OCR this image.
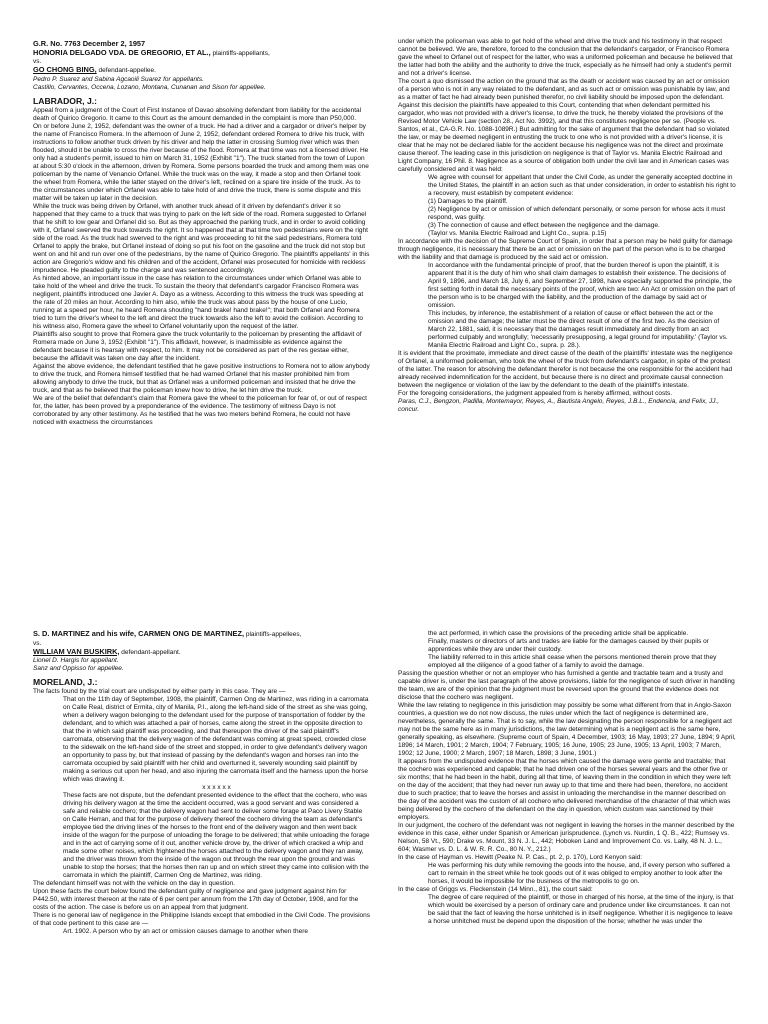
G.R. No. 7763 December 2, 1957
HONORIA DELGADO VDA. DE GREGORIO, ET AL., plaintiffs-appellants,
vs.
GO CHONG BING, defendant-appellee.
Pedro P. Suarez and Sabina Agcaoili Suarez for appellants.
Castillo, Cervantes, Occena, Lozano, Montana, Cunanan and Sison for appellee.
LABRADOR, J.:

Appeal from a judgment of the Court of First Instance of Davao absolving defendant from liability for the accidental death of Quirico Gregorio. It came to this Court as the amount demanded in the complaint is more than P50,000.

On or before June 2, 1952, defendant was the owner of a truck. He had a driver and a cargador or driver's helper by the name of Francisco Romera. In the afternoon of June 2, 1952, defendant ordered Romera to drive his truck, with instructions to follow another truck driven by his driver and help the latter in crossing Sumlog river which was then flooded, should it be unable to cross the river because of the flood. Romera at that time was not a licensed driver. He only had a student's permit, issued to him on March 31, 1952 (Exhibit "1"). The truck started from the town of Lupon at about 5:30 o'clock in the afternoon, driven by Romera. Some persons boarded the truck and among them was one policeman by the name of Venancio Orfanel. While the truck was on the way, it made a stop and then Orfanel took the wheel from Romera, while the latter stayed on the driver's left, reclined on a spare tire inside of the truck. As to the circumstances under which Orfanel was able to take hold of and drive the truck, there is some dispute and this matter will be taken up later in the decision.

While the truck was being driven by Orfanel, with another truck ahead of it driven by defendant's driver it so happened that they came to a truck that was trying to park on the left side of the road. Romera suggested to Orfanel that he shift to low gear and Orfanel did so. But as they approached the parking truck, and in order to avoid colliding with it, Orfanel swerved the truck towards the right. It so happened that at that time two pedestrians were on the right side of the road. As the truck had swerved to the right and was proceeding to hit the said pedestrians, Romera told Orfanel to apply the brake, but Orfanel instead of doing so put his foot on the gasoline and the truck did not stop but went on and hit and run over one of the pedestrians, by the name of Quirico Gregorio. The plaintiffs appellants' in this action are Gregorio's widow and his children and of the accident, Orfanel was prosecuted for homicide with reckless imprudence. He pleaded guilty to the charge and was sentenced accordingly.

As hinted above, an important issue in the case has relation to the circumstances under which Orfanel was able to take hold of the wheel and drive the truck. To sustain the theory that defendant's cargador Francisco Romera was negligent, plaintiffs introduced one Javier A. Dayo as a witness. According to this witness the truck was speeding at the rate of 20 miles an hour. According to him also, while the truck was about pass by the house of one Lucio, running at a speed per hour, he heard Romera shouting "hand brake! hand brake!"; that both Orfanel and Romera tried to turn the driver's wheel to the left and direct the truck towards also the left to avoid the collision. According to his witness also, Romera gave the wheel to Orfanel voluntarily upon the request of the latter.

Plaintiffs also sought to prove that Romera gave the truck voluntarily to the policeman by presenting the affidavit of Romera made on June 3, 1952 (Exhibit "1"). This affidavit, however, is inadmissible as evidence against the defendant because it is hearsay with respect, to him. It may not be considered as part of the res gestae either, because the affidavit was taken one day after the incident.

Against the above evidence, the defendant testified that he gave positive instructions to Romera not to allow anybody to drive the truck, and Romera himself testified that he had warned Orfanel that his master prohibited him from allowing anybody to drive the truck, but that as Orfanel was a uniformed policeman and insisted that he drive the truck, and that as he believed that the policeman knew how to drive, he let him drive the truck.

We are of the belief that defendant's claim that Romera gave the wheel to the policeman for fear of, or out of respect for, the latter, has been proved by a preponderance of the evidence. The testimony of witness Dayo is not corroborated by any other testimony. As he testified that he was two meters behind Romera, he could not have noticed with exactness the circumstances

under which the policeman was able to get hold of the wheel and drive the truck and his testimony in that respect cannot be believed. We are, therefore, forced to the conclusion that the defendant's cargador, or Francisco Romera gave the wheel to Orfanel out of respect for the latter, who was a uniformed policeman and because he believed that the latter had both the ability and the authority to drive the truck, especially as he himself had only a student's permit and not a driver's license.

The court a quo dismissed the action on the ground that as the death or accident was caused by an act or omission of a person who is not in any way related to the defendant, and as such act or omission was punishable by law, and as a matter of fact he had already been punished therefor, no civil liability should be imposed upon the defendant. Against this decision the plaintiffs have appealed to this Court, contending that when defendant permitted his cargador, who was not provided with a driver's license, to drive the truck, he thereby violated the provisions of the Revised Motor Vehicle Law (section 28., Act No. 3992), and that this constitutes negligence per se. (People vs. Santos, et al., CA-G.R. No. 1088-1089R.) But admitting for the sake of argument that the defendant had so violated the law, or may be deemed negligent in entrusting the truck to one who is not provided with a driver's license, it is clear that he may not be declared liable for the accident because his negligence was not the direct and proximate cause thereof. The leading case in this jurisdiction on negligence is that of Taylor vs. Manila Electric Railroad and Light Company, 16 Phil. 8. Negligence as a source of obligation both under the civil law and in American cases was carefully considered and it was held:

We agree with counsel for appellant that under the Civil Code, as under the generally accepted doctrine in the United States, the plaintiff in an action such as that under consideration, in order to establish his right to a recovery, must establish by competent evidence:

(1) Damages to the plaintiff.

(2) Negligence by act or omission of which defendant personally, or some person for whose acts it must respond, was guilty.

(3) The connection of cause and effect between the negligence and the damage.

(Taylor vs. Manila Electric Railroad and Light Co., supra. p.15)

In accordance with the decision of the Supreme Court of Spain, in order that a person may be held guilty for damage through negligence, it is necessary that there be an act or omission on the part of the person who is to be charged with the liability and that damage is produced by the said act or omission.

In accordance with the fundamental principle of proof, that the burden thereof is upon the plaintiff, it is apparent that it is the duty of him who shall claim damages to establish their existence. The decisions of April 9, 1896, and March 18, July 6, and September 27, 1898, have especially supported the principle, the first setting forth in detail the necessary points of the proof, which are two: An Act or omission on the part of the person who is to be charged with the liability, and the production of the damage by said act or omission.

This includes, by inference, the establishment of a relation of cause or effect between the act or the omission and the damage; the latter must be the direct result of one of the first two. As the decision of March 22, 1881, said, it is necessary that the damages result immediately and directly from an act performed culpably and wrongfully; 'necessarily presupposing, a legal ground for imputability.' (Taylor vs. Manila Electric Railroad and Light Co., supra. p. 28.).

It is evident that the proximate, immediate and direct cause of the death of the plaintiffs' intestate was the negligence of Orfanel, a uniformed policeman, who took the wheel of the truck from defendant's cargador, in spite of the protest of the latter. The reason for absolving the defendant therefor is not because the one responsible for the accident had already received indemnification for the accident, but because there is no direct and proximate causal connection between the negligence or violation of the law by the defendant to the death of the plaintiff's intestate.

For the foregoing considerations, the judgment appealed from is hereby affirmed, without costs.

Paras, C.J., Bengzon, Padilla, Montemayor, Reyes, A., Bautista Angelo, Reyes, J.B.L., Endencia, and Felix, JJ., concur.

S. D. MARTINEZ and his wife, CARMEN ONG DE MARTINEZ, plaintiffs-appellees,
vs.
WILLIAM VAN BUSKIRK, defendant-appellant.
Lionel D. Hargis for appellant.
Sanz and Oppisso for appellee.
MORELAND, J.:

The facts found by the trial court are undisputed by either party in this case. They are —

That on the 11th day of September, 1908, the plaintiff, Carmen Ong de Martinez, was riding in a carromata on Calle Real, district of Ermita, city of Manila, P.I., along the left-hand side of the street as she was going, when a delivery wagon belonging to the defendant used for the purpose of transportation of fodder by the defendant, and to which was attached a pair of horses, came along the street in the opposite direction to that the in which said plaintiff was proceeding, and that thereupon the driver of the said plaintiff's carromata, observing that the delivery wagon of the defendant was coming at great speed, crowded close to the sidewalk on the left-hand side of the street and stopped, in order to give defendant's delivery wagon an opportunity to pass by, but that instead of passing by the defendant's wagon and horses ran into the carromata occupied by said plaintiff with her child and overturned it, severely wounding said plaintiff by making a serious cut upon her head, and also injuring the carromata itself and the harness upon the horse which was drawing it.

x x x x x x

These facts are not dispute, but the defendant presented evidence to the effect that the cochero, who was driving his delivery wagon at the time the accident occurred, was a good servant and was considered a safe and reliable cochero; that the delivery wagon had sent to deliver some forage at Paco Livery Stable on Calle Herran, and that for the purpose of delivery thereof the cochero driving the team as defendant's employee tied the driving lines of the horses to the front end of the delivery wagon and then went back inside of the wagon for the purpose of unloading the forage to be delivered; that while unloading the forage and in the act of carrying some of it out, another vehicle drove by, the driver of which cracked a whip and made some other noises, which frightened the horses attached to the delivery wagon and they ran away, and the driver was thrown from the inside of the wagon out through the rear upon the ground and was unable to stop the horses; that the horses then ran up and on which street they came into collision with the carromata in which the plaintiff, Carmen Ong de Martinez, was riding.

The defendant himself was not with the vehicle on the day in question.

Upon these facts the court below found the defendant guilty of negligence and gave judgment against him for P442.50, with interest thereon at the rate of 6 per cent per annum from the 17th day of October, 1908, and for the costs of the action. The case is before us on an appeal from that judgment.

There is no general law of negligence in the Philippine Islands except that embodied in the Civil Code. The provisions of that code pertinent to this case are —

Art. 1902. A person who by an act or omission causes damage to another when there

the act performed, in which case the provisions of the preceding article shall be applicable.

Finally, masters or directors of arts and trades are liable for the damages caused by their pupils or apprentices while they are under their custody.

The liability referred to in this article shall cease when the persons mentioned therein prove that they employed all the diligence of a good father of a family to avoid the damage.

Passing the question whether or not an employer who has furnished a gentle and tractable team and a trusty and capable driver is, under the last paragraph of the above provisions, liable for the negligence of such driver in handling the team, we are of the opinion that the judgment must be reversed upon the ground that the evidence does not disclose that the cochero was negligent.

While the law relating to negligence in this jurisdiction may possibly be some what different from that in Anglo-Saxon countries, a question we do not now discuss, the rules under which the fact of negligence is determined are, nevertheless, generally the same. That is to say, while the law designating the person responsible for a negligent act may not be the same here as in many jurisdictions, the law determining what is a negligent act is the same here, generally speaking, as elsewhere. (Supreme court of Spain, 4 December, 1903; 16 May, 1893; 27 June, 1894; 9 April, 1896; 14 March, 1901; 2 March, 1904; 7 February, 1905; 16 June, 1905; 23 June, 1905; 13 April, 1903; 7 March, 1902; 12 June, 1900; 2 March, 1907; 18 March, 1898; 3 June, 1901.)

It appears from the undisputed evidence that the horses which caused the damage were gentle and tractable; that the cochero was experienced and capable; that he had driven one of the horses several years and the other five or six months; that he had been in the habit, during all that time, of leaving them in the condition in which they were left on the day of the accident; that they had never run away up to that time and there had been, therefore, no accident due to such practice; that to leave the horses and assist in unloading the merchandise in the manner described on the day of the accident was the custom of all cochero who delivered merchandise of the character of that which was being delivered by the cochero of the defendant on the day in question, which custom was sanctioned by their employers.

In our judgment, the cochero of the defendant was not negligent in leaving the horses in the manner described by the evidence in this case, either under Spanish or American jurisprudence. (Lynch vs. Nurdin, 1 Q. B., 422; Rumsey vs. Nelson, 58 Vt., 590; Drake vs. Mount, 33 N. J. L., 442; Hoboken Land and Improvement Co. vs. Lally, 48 N. J. L., 604; Wasmer vs. D. L. & W. R. R. Co., 80 N. Y., 212.)

In the case of Hayman vs. Hewitt (Peake N. P. Cas., pt. 2, p. 170), Lord Kenyon said:

He was performing his duty while removing the goods into the house, and, if every person who suffered a cart to remain in the street while he took goods out of it was obliged to employ another to look after the horses, it would be impossible for the business of the metropolis to go on.

In the case of Griggs vs. Fleckenstein (14 Minn., 81), the court said:

The degree of care required of the plaintiff, or those in charged of his horse, at the time of the injury, is that which would be exercised by a person of ordinary care and prudence under like circumstances. It can not be said that the fact of leaving the horse unhitched is in itself negligence. Whether it is negligence to leave a horse unhitched must be depend upon the disposition of the horse; whether he was under the
